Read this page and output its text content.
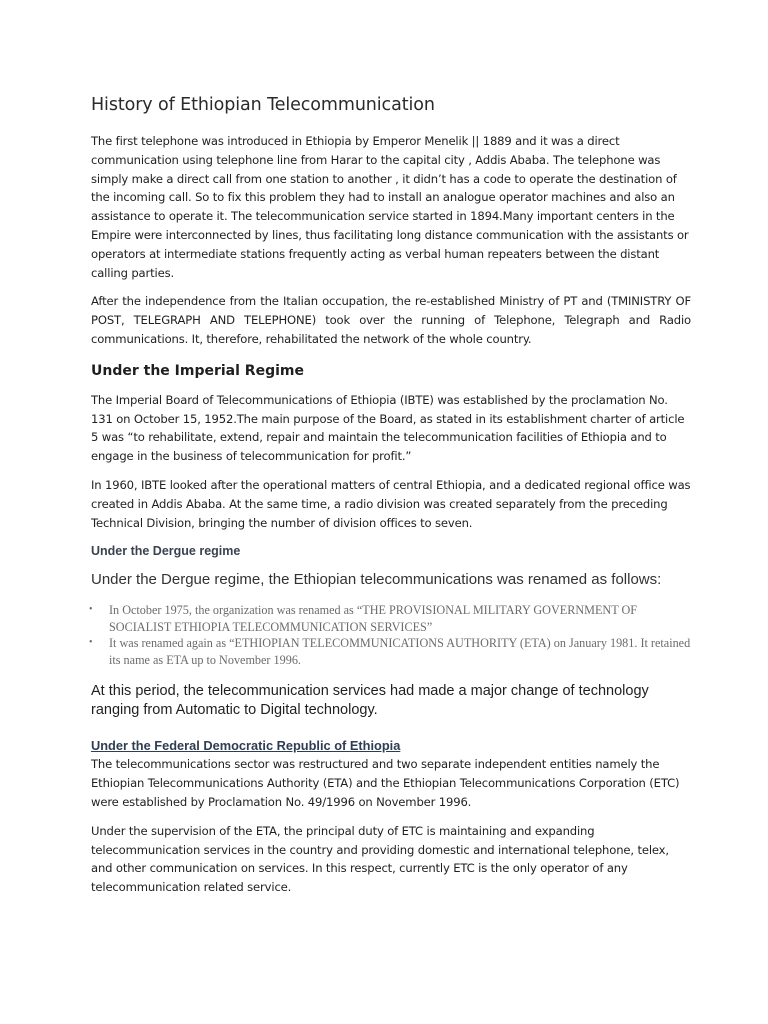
History of Ethiopian Telecommunication

The first telephone was introduced in Ethiopia by Emperor Menelik || 1889 and it was a direct communication using telephone line from Harar to the capital city , Addis Ababa. The telephone was simply make a direct call from one station to another , it didn’t has a code to operate the destination of the incoming call. So to fix this problem they had to install an analogue operator machines and also an assistance to operate it. The telecommunication service started in 1894.Many important centers in the Empire were interconnected by lines, thus facilitating long distance communication with the assistants or operators at intermediate stations frequently acting as verbal human repeaters between the distant calling parties.

After the independence from the Italian occupation, the re-established Ministry of PT and (TMINISTRY OF POST, TELEGRAPH AND TELEPHONE) took over the running of Telephone, Telegraph and Radio communications. It, therefore, rehabilitated the network of the whole country.

Under the Imperial Regime

The Imperial Board of Telecommunications of Ethiopia (IBTE) was established by the proclamation No. 131 on October 15, 1952.The main purpose of the Board, as stated in its establishment charter of article 5 was “to rehabilitate, extend, repair and maintain the telecommunication facilities of Ethiopia and to engage in the business of telecommunication for profit.”

In 1960, IBTE looked after the operational matters of central Ethiopia, and a dedicated regional office was created in Addis Ababa. At the same time, a radio division was created separately from the preceding Technical Division, bringing the number of division offices to seven.

Under the Dergue regime

Under the Dergue regime, the Ethiopian telecommunications was renamed as follows:

• In October 1975, the organization was renamed as “THE PROVISIONAL MILITARY GOVERNMENT OF SOCIALIST ETHIOPIA TELECOMMUNICATION SERVICES”
• It was renamed again as “ETHIOPIAN TELECOMMUNICATIONS AUTHORITY (ETA) on January 1981. It retained its name as ETA up to November 1996.

At this period, the telecommunication services had made a major change of technology ranging from Automatic to Digital technology.

Under the Federal Democratic Republic of Ethiopia

The telecommunications sector was restructured and two separate independent entities namely the Ethiopian Telecommunications Authority (ETA) and the Ethiopian Telecommunications Corporation (ETC) were established by Proclamation No. 49/1996 on November 1996.

Under the supervision of the ETA, the principal duty of ETC is maintaining and expanding telecommunication services in the country and providing domestic and international telephone, telex, and other communication on services. In this respect, currently ETC is the only operator of any telecommunication related service.
